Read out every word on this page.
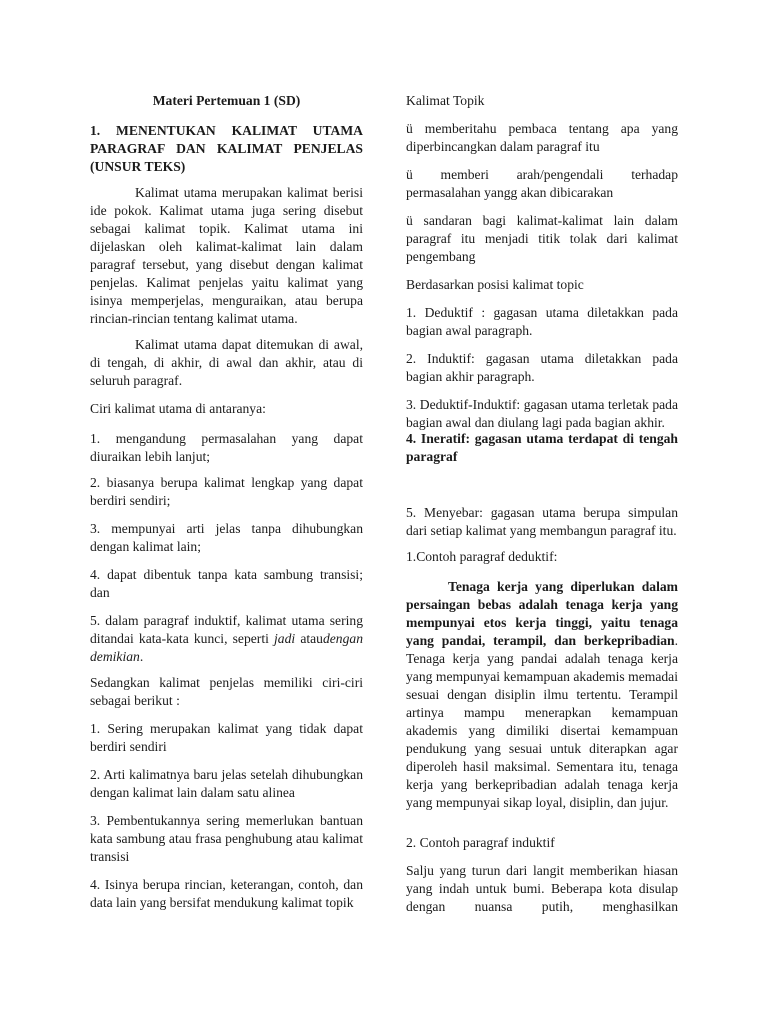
Materi Pertemuan 1 (SD)

1. MENENTUKAN KALIMAT UTAMA PARAGRAF DAN KALIMAT PENJELAS (UNSUR TEKS)

Kalimat utama merupakan kalimat berisi ide pokok. Kalimat utama juga sering disebut sebagai kalimat topik. Kalimat utama ini dijelaskan oleh kalimat-kalimat lain dalam paragraf tersebut, yang disebut dengan kalimat penjelas. Kalimat penjelas yaitu kalimat yang isinya memperjelas, menguraikan, atau berupa rincian-rincian tentang kalimat utama.

Kalimat utama dapat ditemukan di awal, di tengah, di akhir, di awal dan akhir, atau di seluruh paragraf.

Ciri kalimat utama di antaranya:

1. mengandung permasalahan yang dapat diuraikan lebih lanjut;

2. biasanya berupa kalimat lengkap yang dapat berdiri sendiri;

3. mempunyai arti jelas tanpa dihubungkan dengan kalimat lain;

4. dapat dibentuk tanpa kata sambung transisi; dan

5. dalam paragraf induktif, kalimat utama sering ditandai kata-kata kunci, seperti jadi ataudengan demikian.

Sedangkan kalimat penjelas memiliki ciri-ciri sebagai berikut :

1. Sering merupakan kalimat yang tidak dapat berdiri sendiri

2. Arti kalimatnya baru jelas setelah dihubungkan dengan kalimat lain dalam satu alinea

3. Pembentukannya sering memerlukan bantuan kata sambung atau frasa penghubung atau kalimat transisi

4. Isinya berupa rincian, keterangan, contoh, dan data lain yang bersifat mendukung kalimat topik

Kalimat Topik

ü memberitahu pembaca tentang apa yang diperbincangkan dalam paragraf itu

ü memberi arah/pengendali terhadap permasalahan yangg akan dibicarakan

ü sandaran bagi kalimat-kalimat lain dalam paragraf itu menjadi titik tolak dari kalimat pengembang

Berdasarkan posisi kalimat topic

1. Deduktif : gagasan utama diletakkan pada bagian awal paragraph.

2. Induktif: gagasan utama diletakkan pada bagian akhir paragraph.

3. Deduktif-Induktif: gagasan utama terletak pada bagian awal dan diulang lagi pada bagian akhir.

4. Ineratif: gagasan utama terdapat di tengah paragraf

5. Menyebar: gagasan utama berupa simpulan dari setiap kalimat yang membangun paragraf itu.

1.Contoh paragraf deduktif:

Tenaga kerja yang diperlukan dalam persaingan bebas adalah tenaga kerja yang mempunyai etos kerja tinggi, yaitu tenaga yang pandai, terampil, dan berkepribadian. Tenaga kerja yang pandai adalah tenaga kerja yang mempunyai kemampuan akademis memadai sesuai dengan disiplin ilmu tertentu. Terampil artinya mampu menerapkan kemampuan akademis yang dimiliki disertai kemampuan pendukung yang sesuai untuk diterapkan agar diperoleh hasil maksimal. Sementara itu, tenaga kerja yang berkepribadian adalah tenaga kerja yang mempunyai sikap loyal, disiplin, dan jujur.

2. Contoh paragraf induktif

Salju yang turun dari langit memberikan hiasan yang indah untuk bumi. Beberapa kota disulap dengan nuansa putih, menghasilkan
